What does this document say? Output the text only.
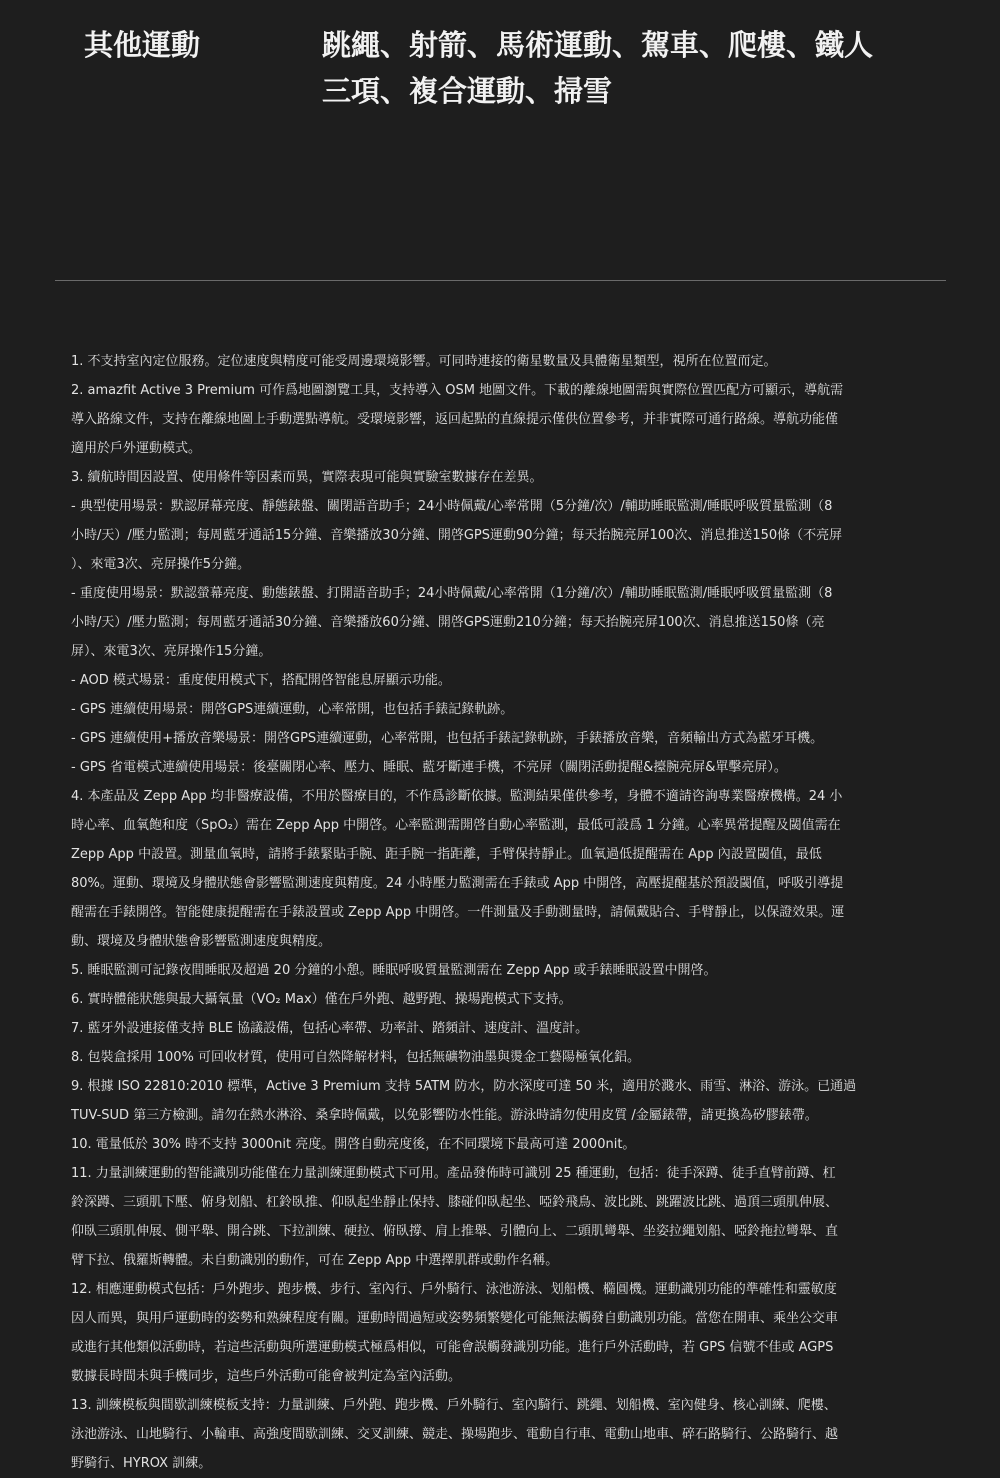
其他運動	跳繩、射箭、馬術運動、駕車、爬樓、鐵人
三項、複合運動、掃雪
1. 不支持室內定位服務。定位速度與精度可能受周邊環境影響。可同時連接的衛星數量及具體衛星類型，視所在位置而定。
2. amazfit Active 3 Premium 可作爲地圖瀏覽工具，支持導入 OSM 地圖文件。下載的離線地圖需與實際位置匹配方可顯示，導航需
導入路線文件，支持在離線地圖上手動選點導航。受環境影響，返回起點的直線提示僅供位置參考，并非實際可通行路線。導航功能僅
適用於戶外運動模式。
3. 續航時間因設置、使用條件等因素而異，實際表現可能與實驗室數據存在差異。
- 典型使用場景：默認屏幕亮度、靜態錶盤、關閉語音助手；24小時佩戴/心率常開（5分鐘/次）/輔助睡眠監測/睡眠呼吸質量監測（8
小時/天）/壓力監測；每周藍牙通話15分鐘、音樂播放30分鐘、開啓GPS運動90分鐘；每天抬腕亮屏100次、消息推送150條（不亮屏
）、來電3次、亮屏操作5分鐘。
- 重度使用場景：默認螢幕亮度、動態錶盤、打開語音助手；24小時佩戴/心率常開（1分鐘/次）/輔助睡眠監測/睡眠呼吸質量監測（8
小時/天）/壓力監測；每周藍牙通話30分鐘、音樂播放60分鐘、開啓GPS運動210分鐘；每天抬腕亮屏100次、消息推送150條（亮
屏）、來電3次、亮屏操作15分鐘。
- AOD 模式場景：重度使用模式下，搭配開啓智能息屏顯示功能。
- GPS 連續使用場景：開啓GPS連續運動，心率常開，也包括手錶記錄軌跡。
- GPS 連續使用+播放音樂場景：開啓GPS連續運動，心率常開，也包括手錶記錄軌跡，手錶播放音樂，音頻輸出方式為藍牙耳機。
- GPS 省電模式連續使用場景：後臺關閉心率、壓力、睡眠、藍牙斷連手機，不亮屏（關閉活動提醒&擡腕亮屏&單擊亮屏）。
4. 本產品及 Zepp App 均非醫療設備，不用於醫療目的，不作爲診斷依據。監測結果僅供參考，身體不適請咨詢專業醫療機構。24 小
時心率、血氧飽和度（SpO₂）需在 Zepp App 中開啓。心率監測需開啓自動心率監測，最低可設爲 1 分鐘。心率異常提醒及閾值需在
Zepp App 中設置。測量血氧時，請將手錶緊貼手腕、距手腕一指距離，手臂保持靜止。血氧過低提醒需在 App 內設置閾值，最低
80%。運動、環境及身體狀態會影響監測速度與精度。24 小時壓力監測需在手錶或 App 中開啓，高壓提醒基於預設閾值，呼吸引導提
醒需在手錶開啓。智能健康提醒需在手錶設置或 Zepp App 中開啓。一件測量及手動測量時，請佩戴貼合、手臂靜止，以保證效果。運
動、環境及身體狀態會影響監測速度與精度。
5. 睡眠監測可記錄夜間睡眠及超過 20 分鐘的小憩。睡眠呼吸質量監測需在 Zepp App 或手錶睡眠設置中開啓。
6. 實時體能狀態與最大攝氧量（VO₂ Max）僅在戶外跑、越野跑、操場跑模式下支持。
7. 藍牙外設連接僅支持 BLE 協議設備，包括心率帶、功率計、踏頻計、速度計、溫度計。
8. 包裝盒採用 100% 可回收材質，使用可自然降解材料，包括無礦物油墨與燙金工藝陽極氧化鋁。
9. 根據 ISO 22810:2010 標準，Active 3 Premium 支持 5ATM 防水，防水深度可達 50 米，適用於濺水、雨雪、淋浴、游泳。已通過
TUV-SUD 第三方檢測。請勿在熱水淋浴、桑拿時佩戴，以免影響防水性能。游泳時請勿使用皮質 /金屬錶帶，請更換為矽膠錶帶。
10. 電量低於 30% 時不支持 3000nit 亮度。開啓自動亮度後，在不同環境下最高可達 2000nit。
11. 力量訓練運動的智能識別功能僅在力量訓練運動模式下可用。產品發佈時可識別 25 種運動，包括：徒手深蹲、徒手直臂前蹲、杠
鈴深蹲、三頭肌下壓、俯身划船、杠鈴臥推、仰臥起坐靜止保持、膝碰仰臥起坐、啞鈴飛鳥、波比跳、跳躍波比跳、過頂三頭肌伸展、
仰臥三頭肌伸展、側平舉、開合跳、下拉訓練、硬拉、俯臥撐、肩上推舉、引體向上、二頭肌彎舉、坐姿拉繩划船、啞鈴拖拉彎舉、直
臂下拉、俄羅斯轉體。未自動識別的動作，可在 Zepp App 中選擇肌群或動作名稱。
12. 相應運動模式包括：戶外跑步、跑步機、步行、室內行、戶外騎行、泳池游泳、划船機、橢圓機。運動識別功能的準確性和靈敏度
因人而異，與用戶運動時的姿勢和熟練程度有關。運動時間過短或姿勢頻繁變化可能無法觸發自動識別功能。當您在開車、乘坐公交車
或進行其他類似活動時，若這些活動與所選運動模式極爲相似，可能會誤觸發識別功能。進行戶外活動時，若 GPS 信號不佳或 AGPS
數據長時間未與手機同步，這些戶外活動可能會被判定為室內活動。
13. 訓練模板與間歇訓練模板支持：力量訓練、戶外跑、跑步機、戶外騎行、室內騎行、跳繩、划船機、室內健身、核心訓練、爬樓、
泳池游泳、山地騎行、小輪車、高強度間歇訓練、交叉訓練、競走、操場跑步、電動自行車、電動山地車、碎石路騎行、公路騎行、越
野騎行、HYROX 訓練。
